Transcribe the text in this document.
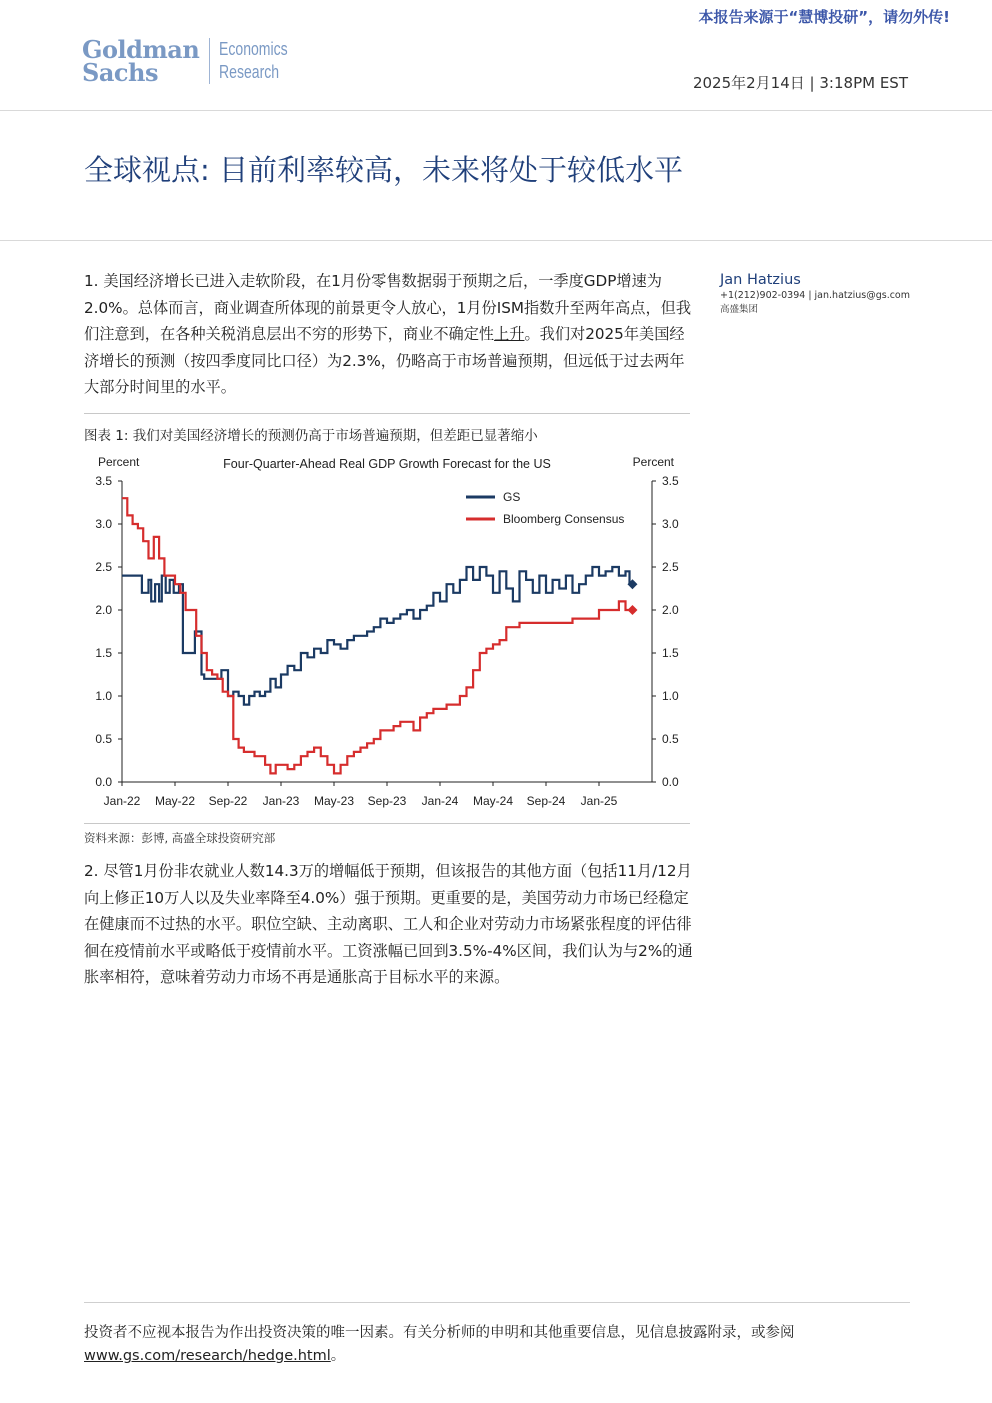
本报告来源于“慧博投研”，请勿外传!
Goldman
Sachs
Economics
Research
2025年2月14日 | 3:18PM EST
全球视点: 目前利率较高，未来将处于较低水平

1. 美国经济增长已进入走软阶段，在1月份零售数据弱于预期之后，一季度GDP增速为2.0%。总体而言，商业调查所体现的前景更令人放心，1月份ISM指数升至两年高点，但我们注意到，在各种关税消息层出不穷的形势下，商业不确定性上升。我们对2025年美国经济增长的预测（按四季度同比口径）为2.3%，仍略高于市场普遍预期，但远低于过去两年大部分时间里的水平。

Jan Hatzius
+1(212)902-0394 | jan.hatzius@gs.com
高盛集团
图表 1: 我们对美国经济增长的预测仍高于市场普遍预期，但差距已显著缩小
Four-Quarter-Ahead Real GDP Growth Forecast for the US
Percent	Percent
0.0	0.0
0.5	0.5
1.0	1.0
1.5	1.5
2.0	2.0
2.5	2.5
3.0	3.0
3.5	3.5
Jan-22 May-22 Sep-22 Jan-23 May-23 Sep-23 Jan-24 May-24 Sep-24 Jan-25
GS
Bloomberg Consensus
资料来源：彭博, 高盛全球投资研究部

2. 尽管1月份非农就业人数14.3万的增幅低于预期，但该报告的其他方面（包括11月/12月向上修正10万人以及失业率降至4.0%）强于预期。更重要的是，美国劳动力市场已经稳定在健康而不过热的水平。职位空缺、主动离职、工人和企业对劳动力市场紧张程度的评估徘徊在疫情前水平或略低于疫情前水平。工资涨幅已回到3.5%-4%区间，我们认为与2%的通胀率相符，意味着劳动力市场不再是通胀高于目标水平的来源。

投资者不应视本报告为作出投资决策的唯一因素。有关分析师的申明和其他重要信息，见信息披露附录，或参阅
www.gs.com/research/hedge.html。
